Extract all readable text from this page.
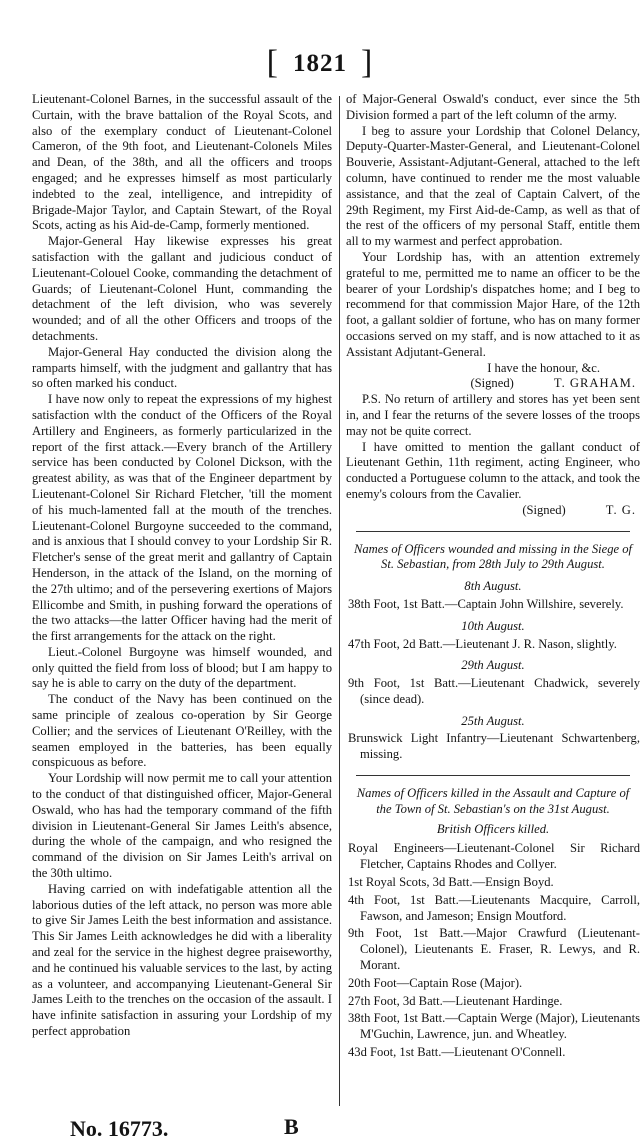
[ 1821 ]

Lieutenant-Colonel Barnes, in the successful assault of the Curtain, with the brave battalion of the Royal Scots, and also of the exemplary conduct of Lieutenant-Colonel Cameron, of the 9th foot, and Lieutenant-Colonels Miles and Dean, of the 38th, and all the officers and troops engaged; and he expresses himself as most particularly indebted to the zeal, intelligence, and intrepidity of Brigade-Major Taylor, and Captain Stewart, of the Royal Scots, acting as his Aid-de-Camp, formerly mentioned.

Major-General Hay likewise expresses his great satisfaction with the gallant and judicious conduct of Lieutenant-Colouel Cooke, commanding the detachment of Guards; of Lieutenant-Colonel Hunt, commanding the detachment of the left division, who was severely wounded; and of all the other Officers and troops of the detachments.

Major-General Hay conducted the division along the ramparts himself, with the judgment and gallantry that has so often marked his conduct.

I have now only to repeat the expressions of my highest satisfaction wlth the conduct of the Officers of the Royal Artillery and Engineers, as formerly particularized in the report of the first attack.—Every branch of the Artillery service has been conducted by Colonel Dickson, with the greatest ability, as was that of the Engineer department by Lieutenant-Colonel Sir Richard Fletcher, 'till the moment of his much-lamented fall at the mouth of the trenches. Lieutenant-Colonel Burgoyne succeeded to the command, and is anxious that I should convey to your Lordship Sir R. Fletcher's sense of the great merit and gallantry of Captain Henderson, in the attack of the Island, on the morning of the 27th ultimo; and of the persevering exertions of Majors Ellicombe and Smith, in pushing forward the operations of the two attacks—the latter Officer having had the merit of the first arrangements for the attack on the right.

Lieut.-Colonel Burgoyne was himself wounded, and only quitted the field from loss of blood; but I am happy to say he is able to carry on the duty of the department.

The conduct of the Navy has been continued on the same principle of zealous co-operation by Sir George Collier; and the services of Lieutenant O'Reilley, with the seamen employed in the batteries, has been equally conspicuous as before.

Your Lordship will now permit me to call your attention to the conduct of that distinguished officer, Major-General Oswald, who has had the temporary command of the fifth division in Lieutenant-General Sir James Leith's absence, during the whole of the campaign, and who resigned the command of the division on Sir James Leith's arrival on the 30th ultimo.

Having carried on with indefatigable attention all the laborious duties of the left attack, no person was more able to give Sir James Leith the best information and assistance. This Sir James Leith acknowledges he did with a liberality and zeal for the service in the highest degree praiseworthy, and he continued his valuable services to the last, by acting as a volunteer, and accompanying Lieutenant-General Sir James Leith to the trenches on the occasion of the assault. I have infinite satisfaction in assuring your Lordship of my perfect approbation

of Major-General Oswald's conduct, ever since the 5th Division formed a part of the left column of the army.

I beg to assure your Lordship that Colonel Delancy, Deputy-Quarter-Master-General, and Lieutenant-Colonel Bouverie, Assistant-Adjutant-General, attached to the left column, have continued to render me the most valuable assistance, and that the zeal of Captain Calvert, of the 29th Regiment, my First Aid-de-Camp, as well as that of the rest of the officers of my personal Staff, entitle them all to my warmest and perfect approbation.

Your Lordship has, with an attention extremely grateful to me, permitted me to name an officer to be the bearer of your Lordship's dispatches home; and I beg to recommend for that commission Major Hare, of the 12th foot, a gallant soldier of fortune, who has on many former occasions served on my staff, and is now attached to it as Assistant Adjutant-General.

I have the honour, &c.

(Signed)	T. GRAHAM.

P.S. No return of artillery and stores has yet been sent in, and I fear the returns of the severe losses of the troops may not be quite correct.

I have omitted to mention the gallant conduct of Lieutenant Gethin, 11th regiment, acting Engineer, who conducted a Portuguese column to the attack, and took the enemy's colours from the Cavalier.

(Signed)	T. G.

Names of Officers wounded and missing in the Siege of St. Sebastian, from 28th July to 29th August.

8th August.

38th Foot, 1st Batt.—Captain John Willshire, severely.

10th August.

47th Foot, 2d Batt.—Lieutenant J. R. Nason, slightly.

29th August.

9th Foot, 1st Batt.—Lieutenant Chadwick, severely (since dead).

25th August.

Brunswick Light Infantry—Lieutenant Schwartenberg, missing.

Names of Officers killed in the Assault and Capture of the Town of St. Sebastian's on the 31st August.

British Officers killed.

Royal Engineers—Lieutenant-Colonel Sir Richard Fletcher, Captains Rhodes and Collyer.

1st Royal Scots, 3d Batt.—Ensign Boyd.

4th Foot, 1st Batt.—Lieutenants Macquire, Carroll, Fawson, and Jameson; Ensign Moutford.

9th Foot, 1st Batt.—Major Crawfurd (Lieutenant-Colonel), Lieutenants E. Fraser, R. Lewys, and R. Morant.

20th Foot—Captain Rose (Major).

27th Foot, 3d Batt.—Lieutenant Hardinge.

38th Foot, 1st Batt.—Captain Werge (Major), Lieutenants M'Guchin, Lawrence, jun. and Wheatley.

43d Foot, 1st Batt.—Lieutenant O'Connell.

No. 16773.	B
